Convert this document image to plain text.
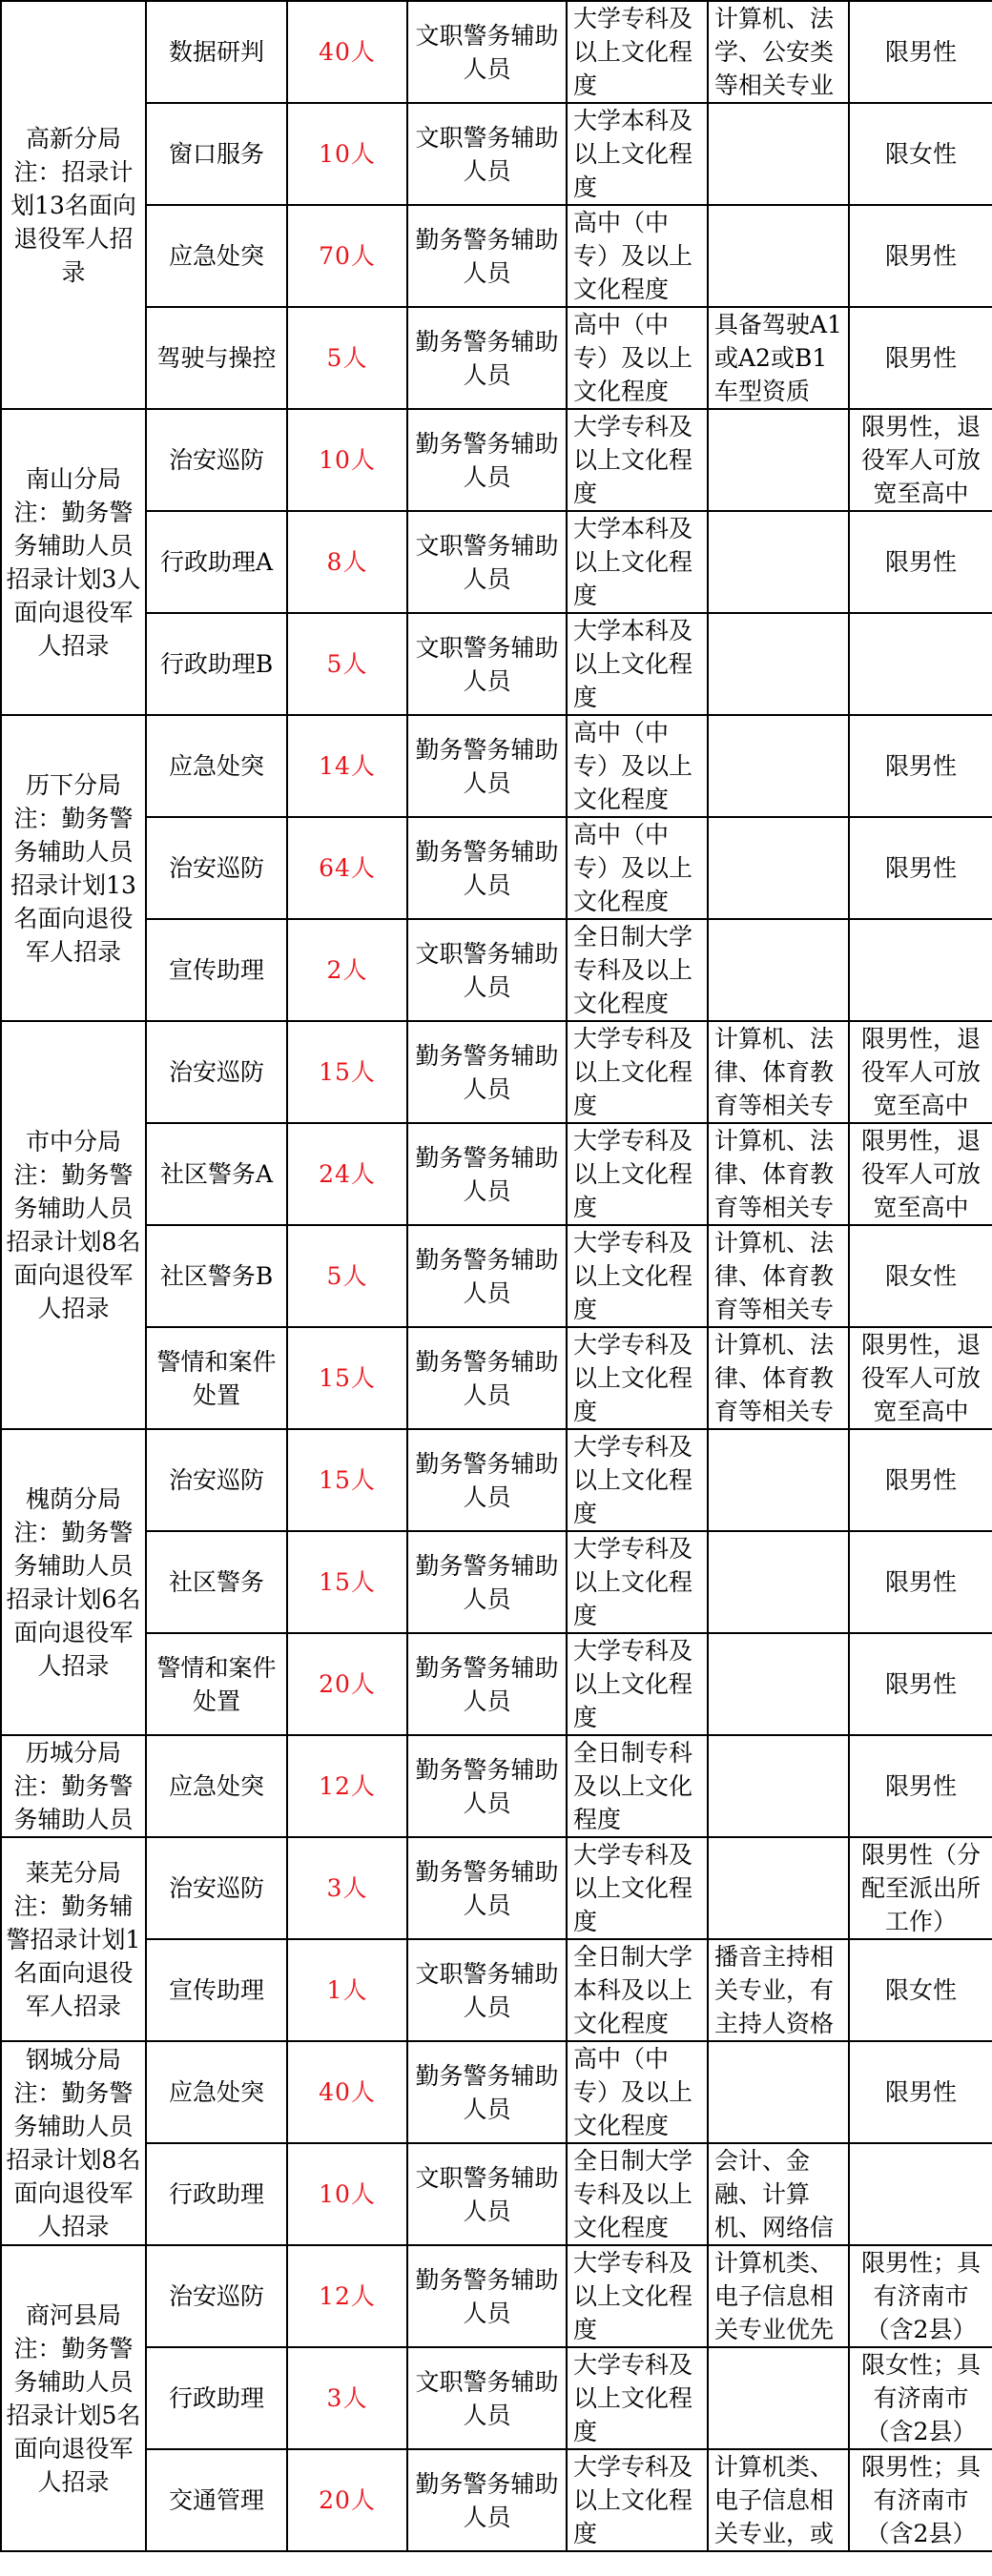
高新分局 注：招录计划13名面向退役军人招录	数据研判	40人	文职警务辅助人员	大学专科及以上文化程度	计算机、法学、公安类等相关专业	限男性

	窗口服务	10人	文职警务辅助人员	大学本科及以上文化程度		限女性

	应急处突	70人	勤务警务辅助人员	高中（中专）及以上文化程度		限男性

	驾驶与操控	5人	勤务警务辅助人员	高中（中专）及以上文化程度	具备驾驶A1或A2或B1车型资质	限男性

南山分局 注：勤务警务辅助人员招录计划3人面向退役军人招录	治安巡防	10人	勤务警务辅助人员	大学专科及以上文化程度		限男性，退役军人可放宽至高中

	行政助理A	8人	文职警务辅助人员	大学本科及以上文化程度		限男性

	行政助理B	5人	文职警务辅助人员	大学本科及以上文化程度		

历下分局 注：勤务警务辅助人员招录计划13名面向退役军人招录	应急处突	14人	勤务警务辅助人员	高中（中专）及以上文化程度		限男性

	治安巡防	64人	勤务警务辅助人员	高中（中专）及以上文化程度		限男性

	宣传助理	2人	文职警务辅助人员	全日制大学专科及以上文化程度		

市中分局 注：勤务警务辅助人员招录计划8名面向退役军人招录	治安巡防	15人	勤务警务辅助人员	大学专科及以上文化程度	计算机、法律、体育教育等相关专	限男性，退役军人可放宽至高中

	社区警务A	24人	勤务警务辅助人员	大学专科及以上文化程度	计算机、法律、体育教育等相关专	限男性，退役军人可放宽至高中

	社区警务B	5人	勤务警务辅助人员	大学专科及以上文化程度	计算机、法律、体育教育等相关专	限女性

	警情和案件处置	15人	勤务警务辅助人员	大学专科及以上文化程度	计算机、法律、体育教育等相关专	限男性，退役军人可放宽至高中

槐荫分局 注：勤务警务辅助人员招录计划6名面向退役军人招录	治安巡防	15人	勤务警务辅助人员	大学专科及以上文化程度		限男性

	社区警务	15人	勤务警务辅助人员	大学专科及以上文化程度		限男性

	警情和案件处置	20人	勤务警务辅助人员	大学专科及以上文化程度		限男性

历城分局 注：勤务警务辅助人员	应急处突	12人	勤务警务辅助人员	全日制专科及以上文化程度		限男性

莱芜分局 注：勤务辅警招录计划1名面向退役军人招录	治安巡防	3人	勤务警务辅助人员	大学专科及以上文化程度		限男性（分配至派出所工作）

	宣传助理	1人	文职警务辅助人员	全日制大学本科及以上文化程度	播音主持相关专业，有主持人资格	限女性

钢城分局 注：勤务警务辅助人员招录计划8名面向退役军人招录	应急处突	40人	勤务警务辅助人员	高中（中专）及以上文化程度		限男性

	行政助理	10人	文职警务辅助人员	全日制大学专科及以上文化程度	会计、金融、计算机、网络信	

商河县局 注：勤务警务辅助人员招录计划5名面向退役军人招录	治安巡防	12人	勤务警务辅助人员	大学专科及以上文化程度	计算机类、电子信息相关专业优先	限男性；具有济南市（含2县）

	行政助理	3人	文职警务辅助人员	大学专科及以上文化程度		限女性；具有济南市（含2县）

	交通管理	20人	勤务警务辅助人员	大学专科及以上文化程度	计算机类、电子信息相关专业，或	限男性；具有济南市（含2县）
